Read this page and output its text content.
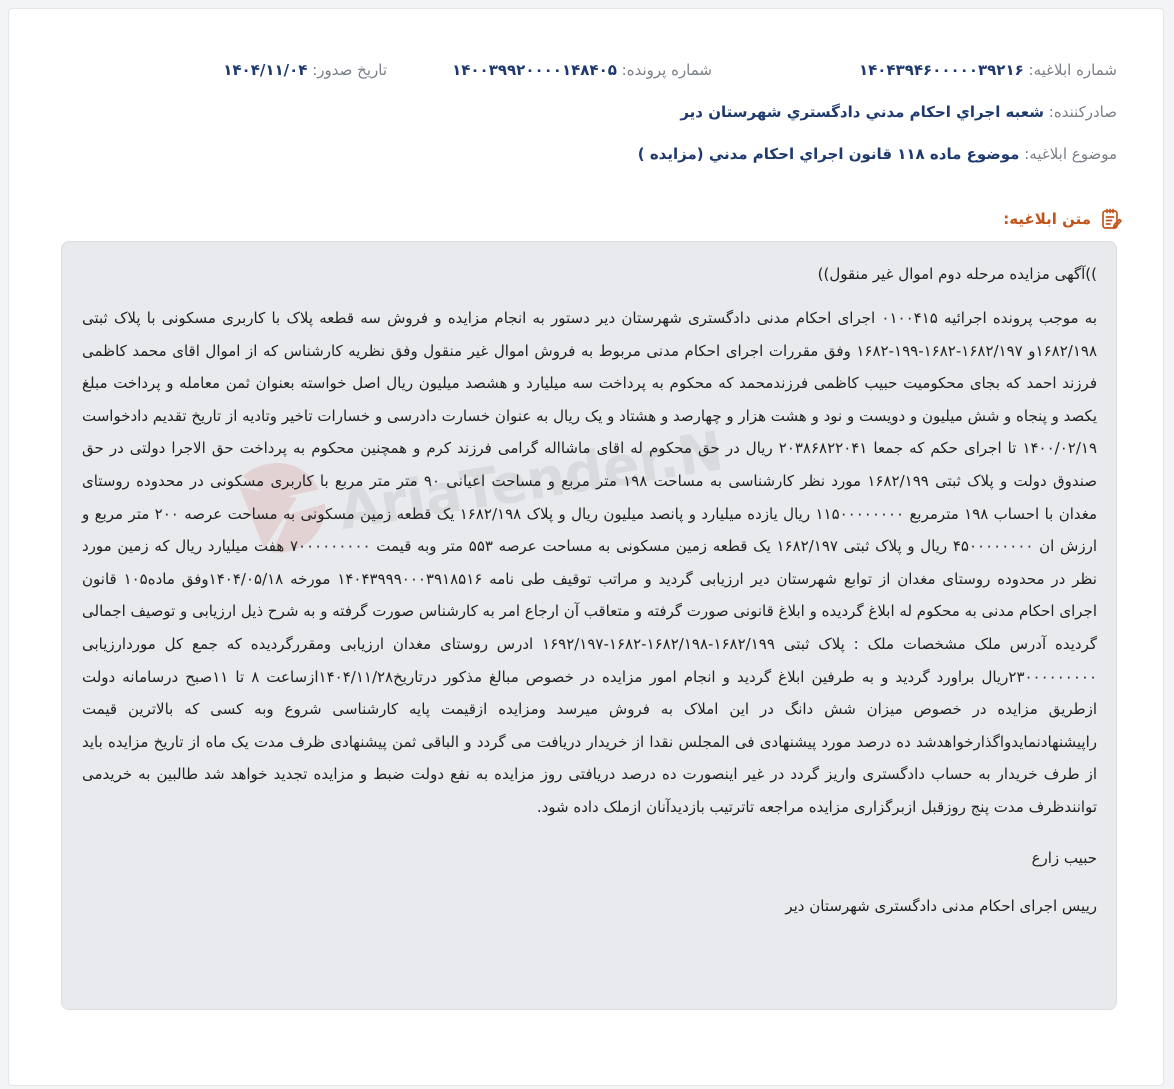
شماره ابلاغیه: ۱۴۰۴۳۹۴۶۰۰۰۰۰۳۹۲۱۶
شماره پرونده: ۱۴۰۰۳۹۹۲۰۰۰۰۱۴۸۴۰۵
تاریخ صدور: ۱۴۰۴/۱۱/۰۴
صادرکننده: شعبه اجراي احکام مدني دادگستري شهرستان دير
موضوع ابلاغیه: موضوع ماده ۱۱۸ قانون اجراي احکام مدني (مزايده )
متن ابلاغیه:
AriaTender.NET

))آگهی مزایده مرحله دوم اموال غیر منقول))

به موجب پرونده اجرائیه ۰۱۰۰۴۱۵ اجرای احکام مدنی دادگستری شهرستان دیر دستور به انجام مزایده و فروش سه قطعه پلاک با کاربری مسکونی با پلاک ثبتی ۱۶۸۲/۱۹۸و ۱۶۸۲/۱۹۷-۱۶۸۲-۱۹۹-۱۶۸۲ وفق مقررات اجرای احکام مدنی مربوط به فروش اموال غیر منقول وفق نظریه کارشناس که از اموال اقای محمد کاظمی فرزند احمد که بجای محکومیت حبیب کاظمی فرزندمحمد که محکوم به پرداخت سه میلیارد و هشصد میلیون ریال اصل خواسته بعنوان ثمن معامله و پرداخت مبلغ یکصد و پنجاه و شش میلیون و دویست و نود و هشت هزار و چهارصد و هشتاد و یک ریال به عنوان خسارت دادرسی و خسارات تاخیر وتادیه از تاریخ تقدیم دادخواست ۱۴۰۰/۰۲/۱۹ تا اجرای حکم که جمعا ۲۰۳۸۶۸۲۲۰۴۱ ریال در حق محکوم له اقای ماشااله گرامی فرزند کرم و همچنین محکوم به پرداخت حق الاجرا دولتی در حق صندوق دولت و پلاک ثبتی ۱۶۸۲/۱۹۹ مورد نظر کارشناسی به مساحت ۱۹۸ متر مربع و مساحت اعیانی ۹۰ متر متر مربع با کاربری مسکونی در محدوده روستای مغدان با احساب ۱۹۸ مترمربع ۱۱۵۰۰۰۰۰۰۰۰ ریال یازده میلیارد و پانصد میلیون ریال و پلاک ۱۶۸۲/۱۹۸ یک قطعه زمین مسکونی به مساحت عرصه ۲۰۰ متر مربع و ارزش ان ۴۵۰۰۰۰۰۰۰۰ ریال و پلاک ثبتی ۱۶۸۲/۱۹۷ یک قطعه زمین مسکونی به مساحت عرصه ۵۵۳ متر وبه قیمت ۷۰۰۰۰۰۰۰۰۰ هفت میلیارد ریال که زمین مورد نظر در محدوده روستای مغدان از توابع شهرستان دیر ارزیابی گردید و مراتب توقیف طی نامه ۱۴۰۴۳۹۹۹۰۰۰۳۹۱۸۵۱۶ مورخه ۱۴۰۴/۰۵/۱۸وفق ماده۱۰۵ قانون اجرای احکام مدنی به محکوم له ابلاغ گردیده و ابلاغ قانونی صورت گرفته و متعاقب آن ارجاع امر به کارشناس صورت گرفته و به شرح ذیل ارزیابی و توصیف اجمالی گردیده آدرس ملک مشخصات ملک : پلاک ثبتی ۱۶۸۲/۱۹۹-۱۶۸۲/۱۹۸-۱۶۸۲-۱۶۹۲/۱۹۷ ادرس روستای مغدان ارزیابی ومقررگردیده که جمع کل موردارزیابی ۲۳۰۰۰۰۰۰۰۰۰ریال براورد گردید و به طرفین ابلاغ گردید و انجام امور مزایده در خصوص مبالغ مذکور درتاریخ۱۴۰۴/۱۱/۲۸ازساعت ۸ تا ۱۱صبح درسامانه دولت ازطریق مزایده در خصوص میزان شش دانگ در این املاک به فروش میرسد ومزایده ازقیمت پایه کارشناسی شروع وبه کسی که بالاترین قیمت راپیشنهادنمایدواگذارخواهدشد ده درصد مورد پیشنهادی فی المجلس نقدا از خریدار دریافت می گردد و الباقی ثمن پیشنهادی ظرف مدت یک ماه از تاریخ مزایده باید از طرف خریدار به حساب دادگستری واریز گردد در غیر اینصورت ده درصد دریافتی روز مزایده به نفع دولت ضبط و مزایده تجدید خواهد شد طالبین به خریدمی توانندظرف مدت پنج روزقبل ازبرگزاری مزایده مراجعه تاترتیب بازدیدآنان ازملک داده شود.

حبیب زارع

رییس اجرای احکام مدنی دادگستری شهرستان دیر
